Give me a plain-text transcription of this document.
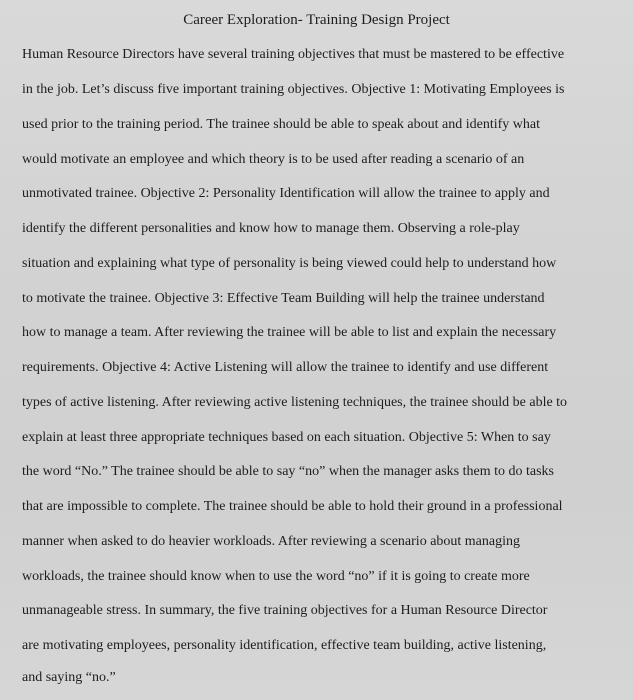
Career Exploration- Training Design Project
Human Resource Directors have several training objectives that must be mastered to be effective
in the job. Let’s discuss five important training objectives. Objective 1: Motivating Employees is
used prior to the training period. The trainee should be able to speak about and identify what
would motivate an employee and which theory is to be used after reading a scenario of an
unmotivated trainee. Objective 2: Personality Identification will allow the trainee to apply and
identify the different personalities and know how to manage them. Observing a role-play
situation and explaining what type of personality is being viewed could help to understand how
to motivate the trainee. Objective 3: Effective Team Building will help the trainee understand
how to manage a team. After reviewing the trainee will be able to list and explain the necessary
requirements. Objective 4: Active Listening will allow the trainee to identify and use different
types of active listening. After reviewing active listening techniques, the trainee should be able to
explain at least three appropriate techniques based on each situation. Objective 5: When to say
the word “No.” The trainee should be able to say “no” when the manager asks them to do tasks
that are impossible to complete. The trainee should be able to hold their ground in a professional
manner when asked to do heavier workloads. After reviewing a scenario about managing
workloads, the trainee should know when to use the word “no” if it is going to create more
unmanageable stress. In summary, the five training objectives for a Human Resource Director
are motivating employees, personality identification, effective team building, active listening,
and saying “no.”
